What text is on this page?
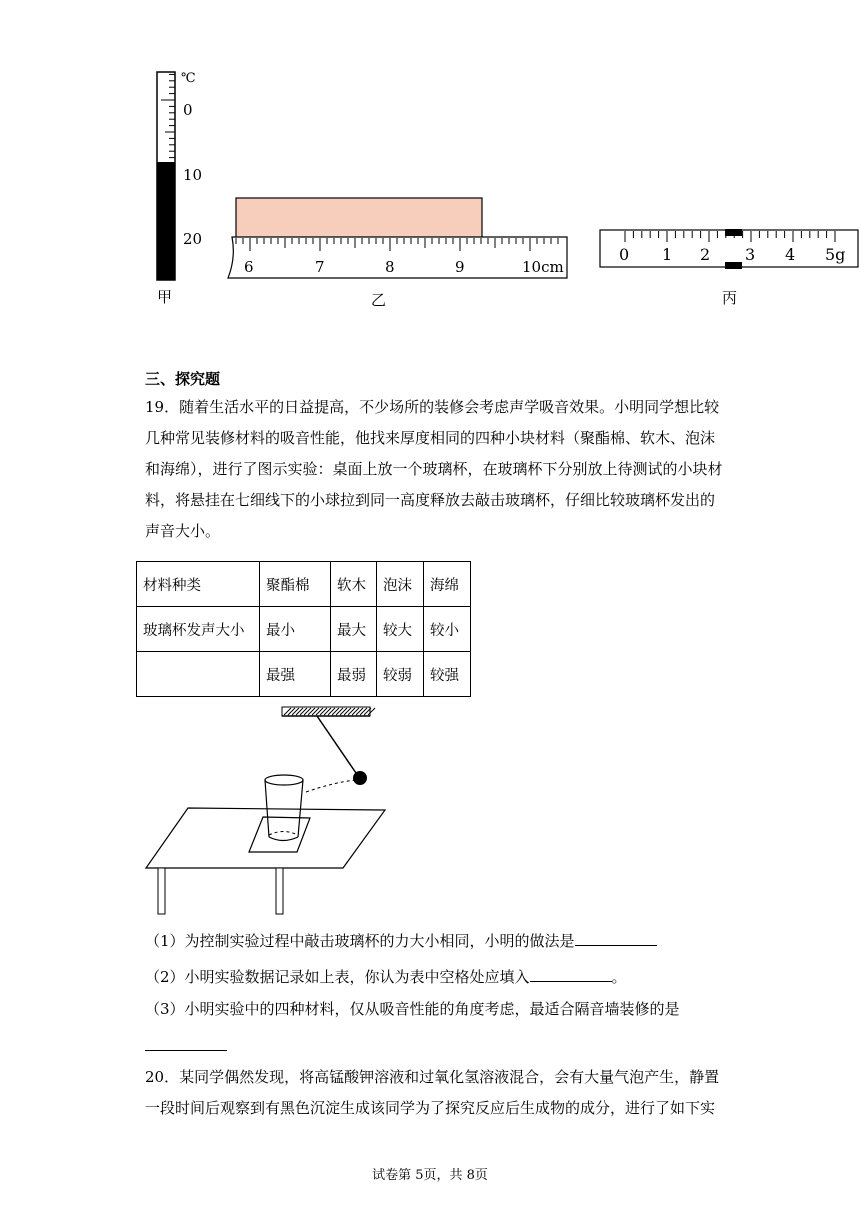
℃
0
10
20
甲
6	7	8	9	10cm
乙
0 1 2 3 4 5g
丙
三、探究题
19．随着生活水平的日益提高，不少场所的装修会考虑声学吸音效果。小明同学想比较几种常见装修材料的吸音性能，他找来厚度相同的四种小块材料（聚酯棉、软木、泡沫和海绵），进行了图示实验：桌面上放一个玻璃杯，在玻璃杯下分别放上待测试的小块材料，将悬挂在七细线下的小球拉到同一高度释放去敲击玻璃杯，仔细比较玻璃杯发出的声音大小。
材料种类	聚酯棉	软木	泡沫	海绵
玻璃杯发声大小	最小	最大	较大	较小
	最强	最弱	较弱	较强
（1）为控制实验过程中敲击玻璃杯的力大小相同，小明的做法是
（2）小明实验数据记录如上表，你认为表中空格处应填入	。
（3）小明实验中的四种材料，仅从吸音性能的角度考虑，最适合隔音墙装修的是
20．某同学偶然发现，将高锰酸钾溶液和过氧化氢溶液混合，会有大量气泡产生，静置一段时间后观察到有黑色沉淀生成该同学为了探究反应后生成物的成分，进行了如下实
试卷第 5页，共 8页
